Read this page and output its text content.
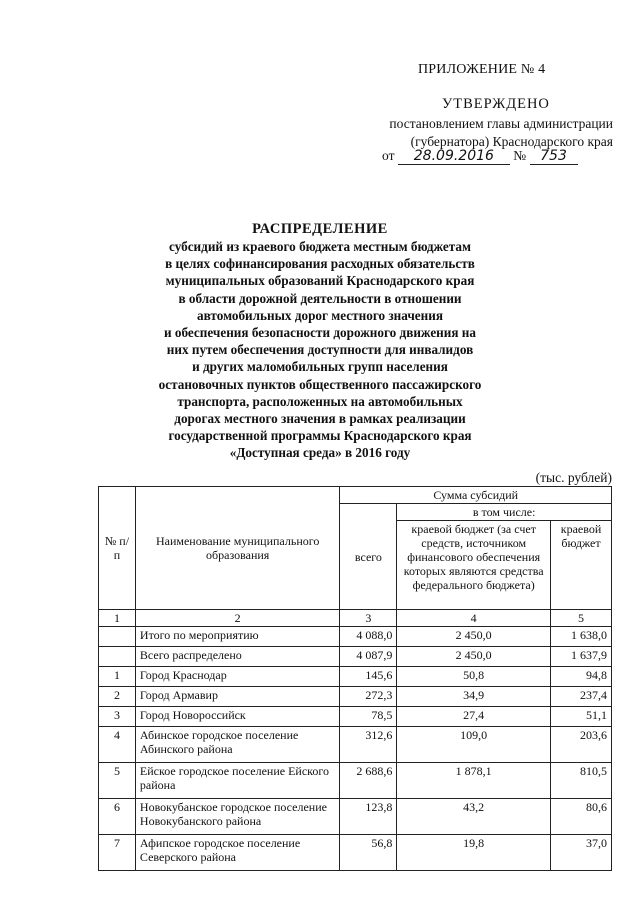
ПРИЛОЖЕНИЕ № 4
УТВЕРЖДЕНО
постановлением главы администрации
(губернатора) Краснодарского края
от 28.09.2016 № 753
РАСПРЕДЕЛЕНИЕ
субсидий из краевого бюджета местным бюджетам
в целях софинансирования расходных обязательств
муниципальных образований Краснодарского края
в области дорожной деятельности в отношении
автомобильных дорог местного значения
и обеспечения безопасности дорожного движения на
них путем обеспечения доступности для инвалидов
и других маломобильных групп населения
остановочных пунктов общественного пассажирского
транспорта, расположенных на автомобильных
дорогах местного значения в рамках реализации
государственной программы Краснодарского края
«Доступная среда» в 2016 году
(тыс. рублей)
№ п/п	Наименование муниципального образования	Сумма субсидий		
		всего	в том числе:	
			краевой бюджет (за счет средств, источником финансового обеспечения которых являются средства федерального бюджета)	краевой бюджет
1	2	3	4	5
	Итого по мероприятию	4 088,0	2 450,0	1 638,0
	Всего распределено	4 087,9	2 450,0	1 637,9
1	Город Краснодар	145,6	50,8	94,8
2	Город Армавир	272,3	34,9	237,4
3	Город Новороссийск	78,5	27,4	51,1
4	Абинское городское поселение Абинского района	312,6	109,0	203,6
5	Ейское городское поселение Ейского района	2 688,6	1 878,1	810,5
6	Новокубанское городское поселение Новокубанского района	123,8	43,2	80,6
7	Афипское городское поселение Северского района	56,8	19,8	37,0
